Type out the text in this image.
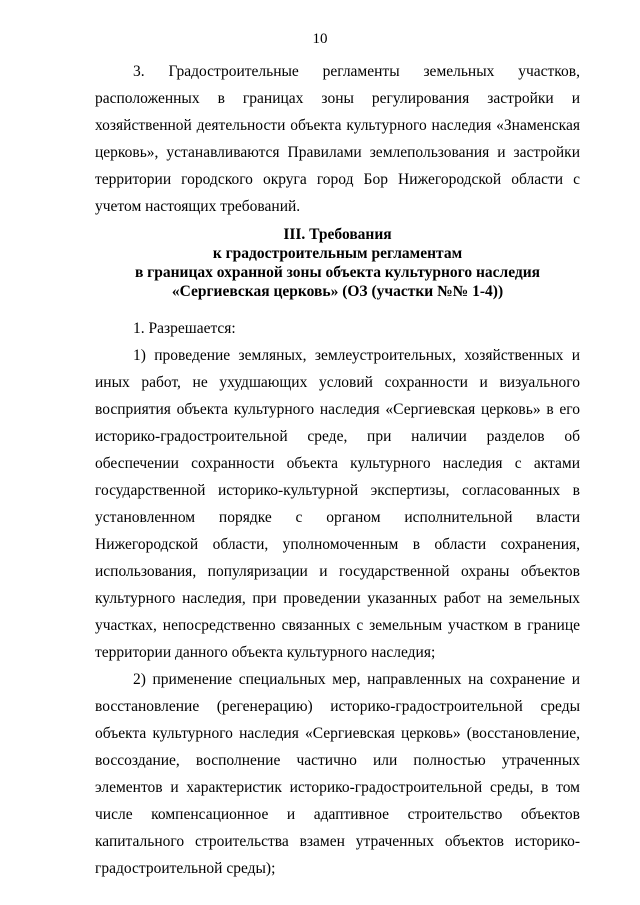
10

3. Градостроительные регламенты земельных участков, расположенных в границах зоны регулирования застройки и хозяйственной деятельности объекта культурного наследия «Знаменская церковь», устанавливаются Правилами землепользования и застройки территории городского округа город Бор Нижегородской области с учетом настоящих требований.

III. Требования
к градостроительным регламентам
в границах охранной зоны объекта культурного наследия
«Сергиевская церковь» (ОЗ (участки №№ 1-4))

1. Разрешается:

1) проведение земляных, землеустроительных, хозяйственных и иных работ, не ухудшающих условий сохранности и визуального восприятия объекта культурного наследия «Сергиевская церковь» в его историко-градостроительной среде, при наличии разделов об обеспечении сохранности объекта культурного наследия с актами государственной историко-культурной экспертизы, согласованных в установленном порядке с органом исполнительной власти Нижегородской области, уполномоченным в области сохранения, использования, популяризации и государственной охраны объектов культурного наследия, при проведении указанных работ на земельных участках, непосредственно связанных с земельным участком в границе территории данного объекта культурного наследия;

2) применение специальных мер, направленных на сохранение и восстановление (регенерацию) историко-градостроительной среды объекта культурного наследия «Сергиевская церковь» (восстановление, воссоздание, восполнение частично или полностью утраченных элементов и характеристик историко-градостроительной среды, в том числе компенсационное и адаптивное строительство объектов капитального строительства взамен утраченных объектов историко-градостроительной среды);
